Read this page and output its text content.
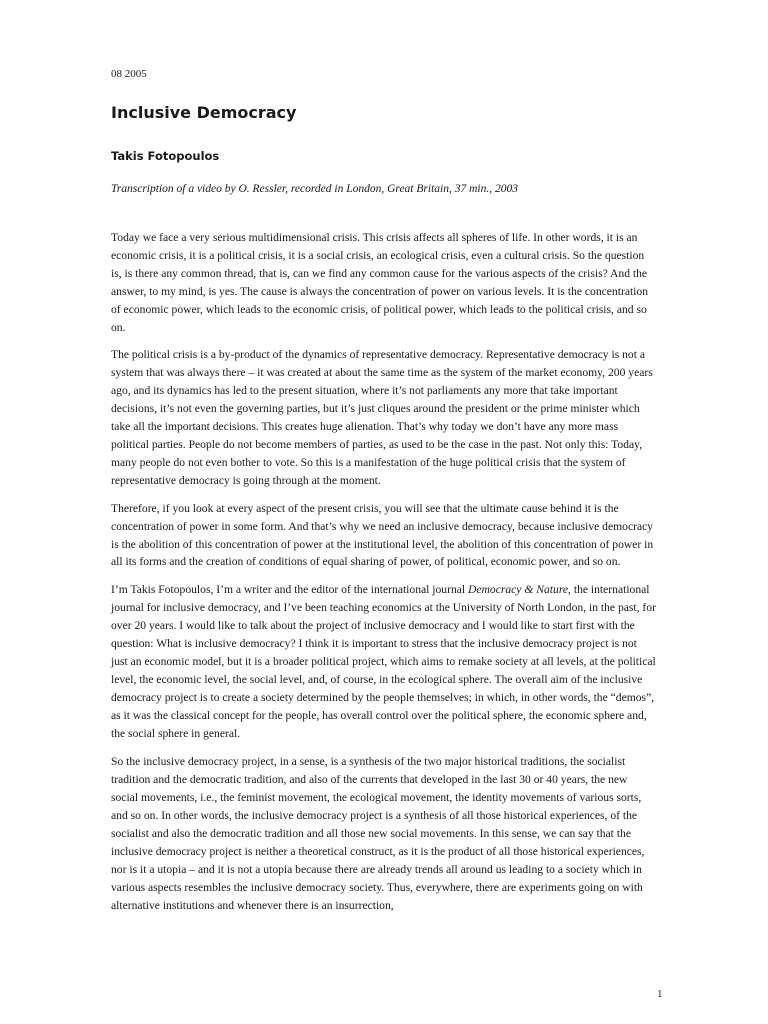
08 2005
Inclusive Democracy
Takis Fotopoulos

Transcription of a video by O. Ressler, recorded in London, Great Britain, 37 min., 2003

Today we face a very serious multidimensional crisis. This crisis affects all spheres of life. In other words, it is an economic crisis, it is a political crisis, it is a social crisis, an ecological crisis, even a cultural crisis. So the question is, is there any common thread, that is, can we find any common cause for the various aspects of the crisis? And the answer, to my mind, is yes. The cause is always the concentration of power on various levels. It is the concentration of economic power, which leads to the economic crisis, of political power, which leads to the political crisis, and so on.

The political crisis is a by-product of the dynamics of representative democracy. Representative democracy is not a system that was always there – it was created at about the same time as the system of the market economy, 200 years ago, and its dynamics has led to the present situation, where it’s not parliaments any more that take important decisions, it’s not even the governing parties, but it’s just cliques around the president or the prime minister which take all the important decisions. This creates huge alienation. That’s why today we don’t have any more mass political parties. People do not become members of parties, as used to be the case in the past. Not only this: Today, many people do not even bother to vote. So this is a manifestation of the huge political crisis that the system of representative democracy is going through at the moment.

Therefore, if you look at every aspect of the present crisis, you will see that the ultimate cause behind it is the concentration of power in some form. And that’s why we need an inclusive democracy, because inclusive democracy is the abolition of this concentration of power at the institutional level, the abolition of this concentration of power in all its forms and the creation of conditions of equal sharing of power, of political, economic power, and so on.

I’m Takis Fotopoulos, I’m a writer and the editor of the international journal Democracy & Nature, the international journal for inclusive democracy, and I’ve been teaching economics at the University of North London, in the past, for over 20 years. I would like to talk about the project of inclusive democracy and I would like to start first with the question: What is inclusive democracy? I think it is important to stress that the inclusive democracy project is not just an economic model, but it is a broader political project, which aims to remake society at all levels, at the political level, the economic level, the social level, and, of course, in the ecological sphere. The overall aim of the inclusive democracy project is to create a society determined by the people themselves; in which, in other words, the “demos”, as it was the classical concept for the people, has overall control over the political sphere, the economic sphere and, the social sphere in general.

So the inclusive democracy project, in a sense, is a synthesis of the two major historical traditions, the socialist tradition and the democratic tradition, and also of the currents that developed in the last 30 or 40 years, the new social movements, i.e., the feminist movement, the ecological movement, the identity movements of various sorts, and so on. In other words, the inclusive democracy project is a synthesis of all those historical experiences, of the socialist and also the democratic tradition and all those new social movements. In this sense, we can say that the inclusive democracy project is neither a theoretical construct, as it is the product of all those historical experiences, nor is it a utopia – and it is not a utopia because there are already trends all around us leading to a society which in various aspects resembles the inclusive democracy society. Thus, everywhere, there are experiments going on with alternative institutions and whenever there is an insurrection,

1
